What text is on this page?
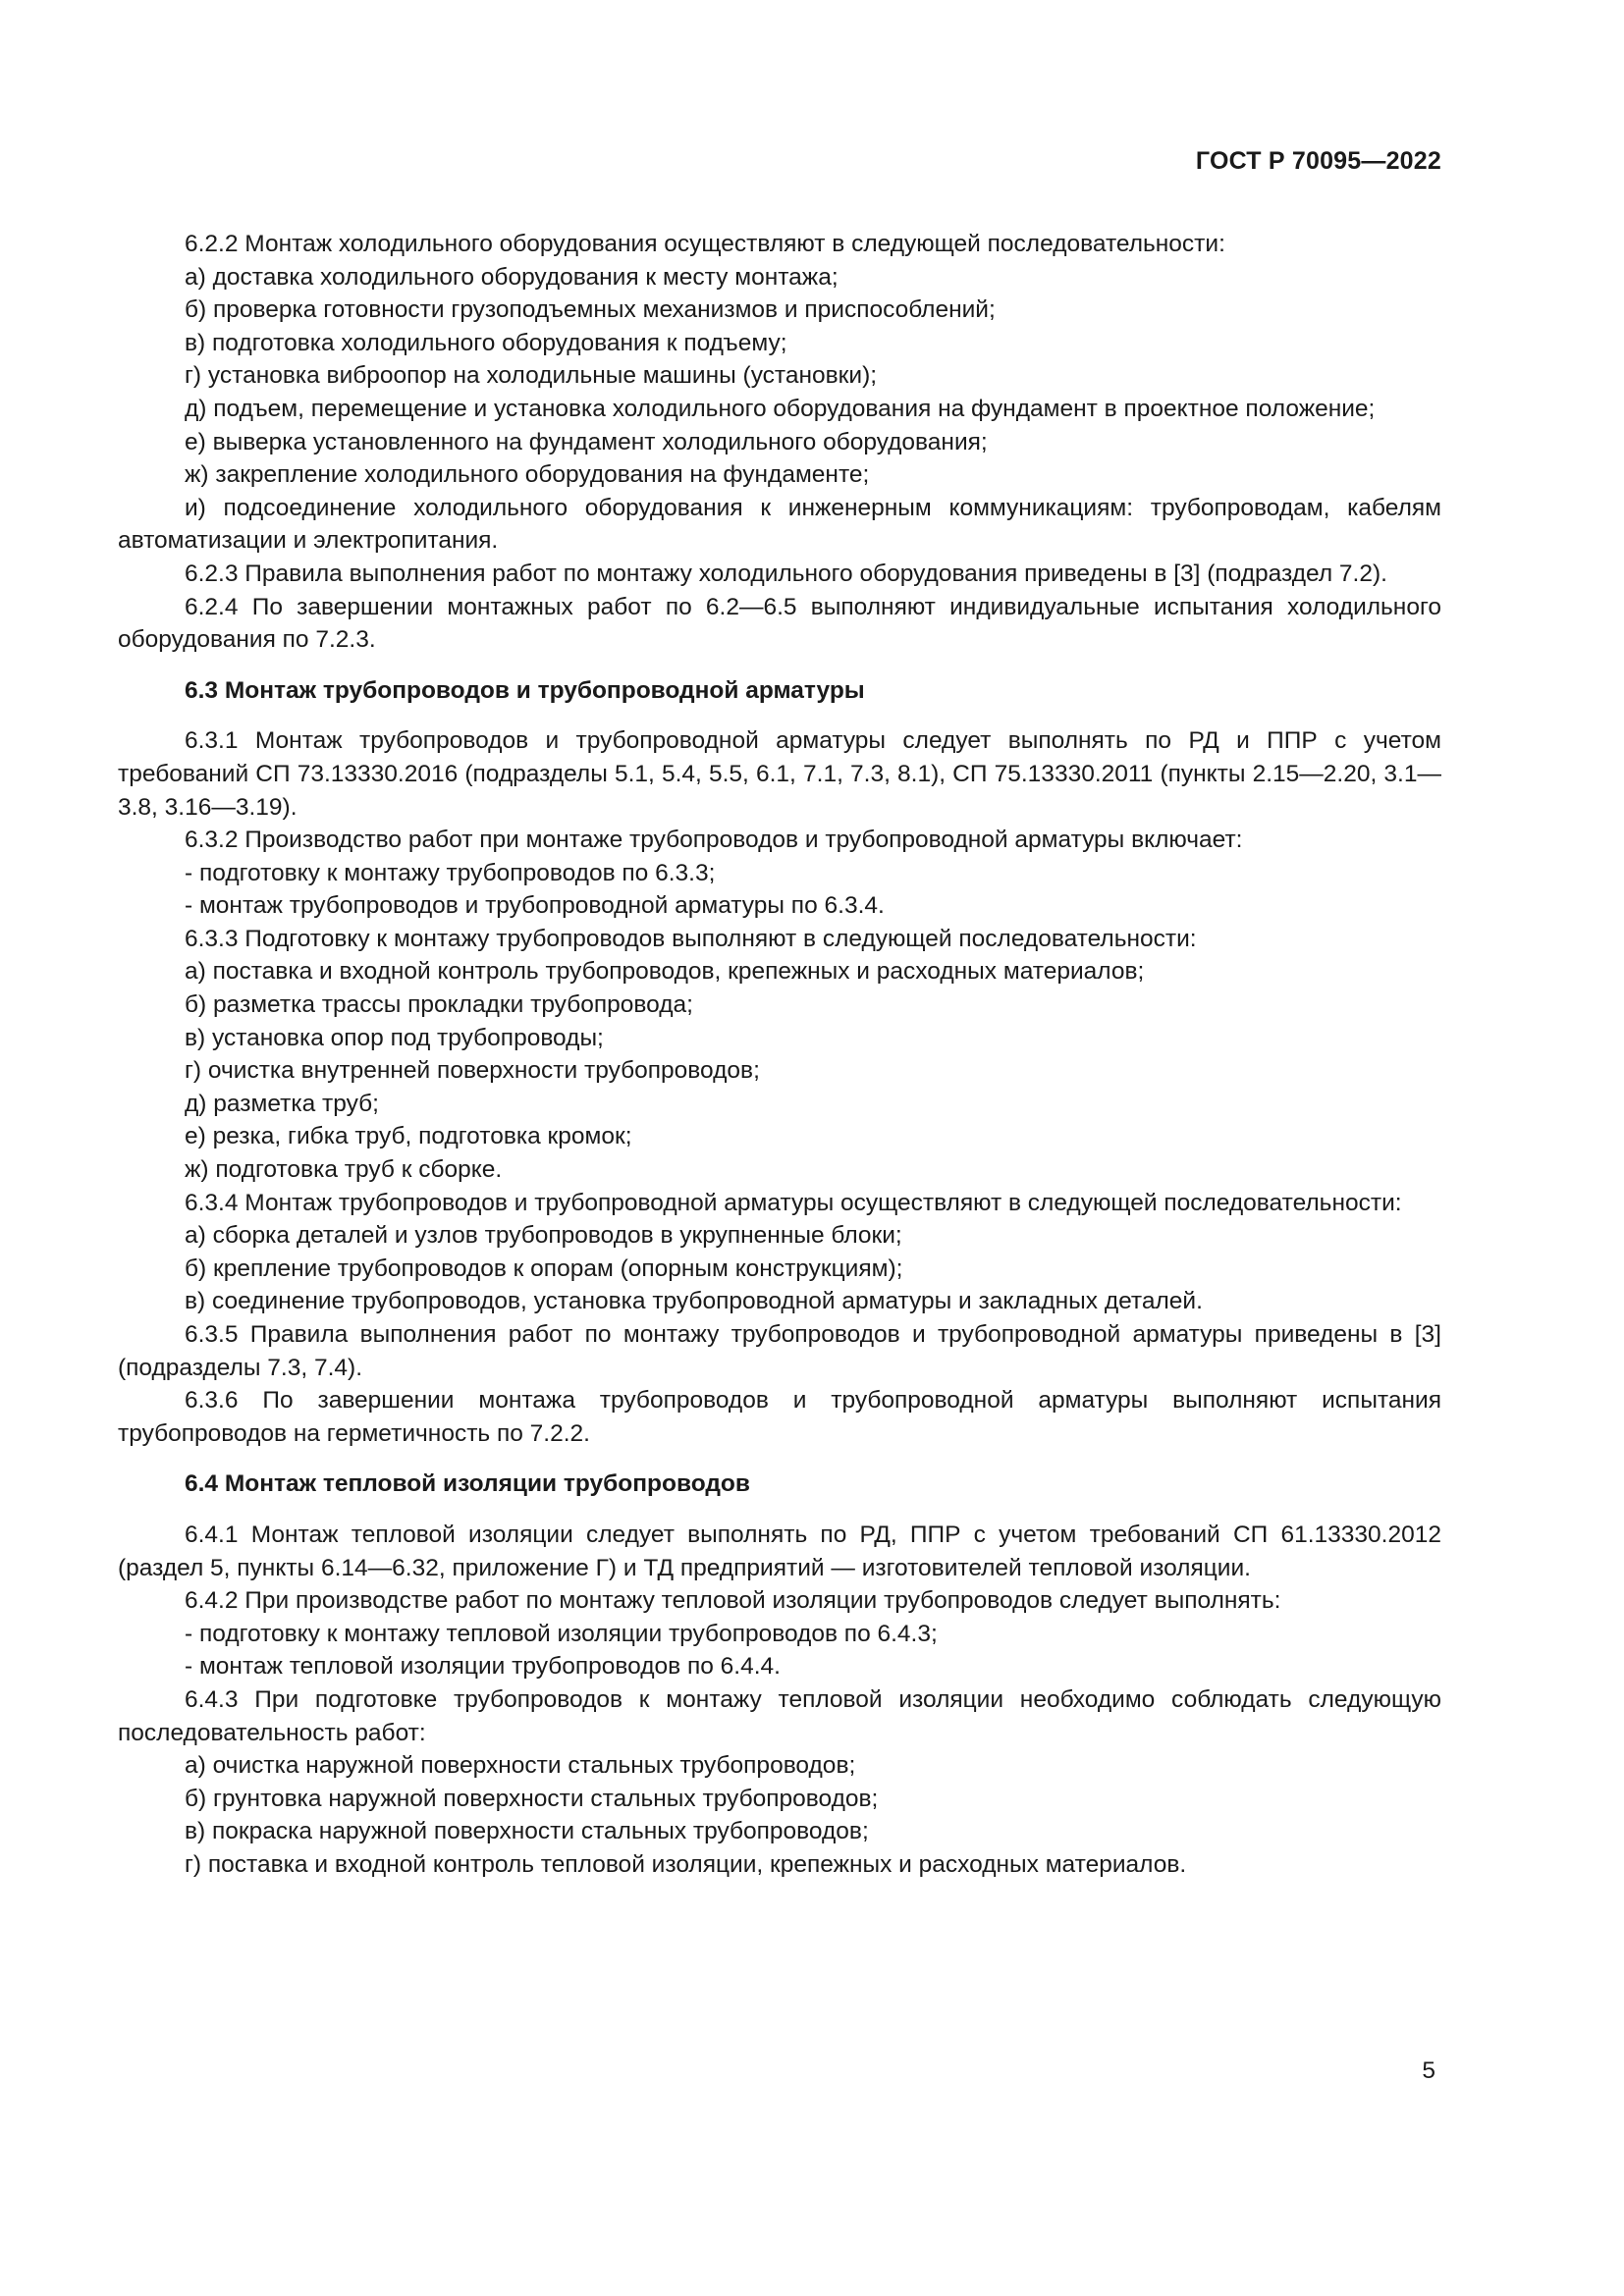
ГОСТ Р 70095—2022

6.2.2 Монтаж холодильного оборудования осуществляют в следующей последовательности:

а) доставка холодильного оборудования к месту монтажа;

б) проверка готовности грузоподъемных механизмов и приспособлений;

в) подготовка холодильного оборудования к подъему;

г) установка виброопор на холодильные машины (установки);

д) подъем, перемещение и установка холодильного оборудования на фундамент в проектное положение;

е) выверка установленного на фундамент холодильного оборудования;

ж) закрепление холодильного оборудования на фундаменте;

и) подсоединение холодильного оборудования к инженерным коммуникациям: трубопроводам, кабелям автоматизации и электропитания.

6.2.3 Правила выполнения работ по монтажу холодильного оборудования приведены в [3] (подраздел 7.2).

6.2.4 По завершении монтажных работ по 6.2—6.5 выполняют индивидуальные испытания холодильного оборудования по 7.2.3.

6.3 Монтаж трубопроводов и трубопроводной арматуры

6.3.1 Монтаж трубопроводов и трубопроводной арматуры следует выполнять по РД и ППР с учетом требований СП 73.13330.2016 (подразделы 5.1, 5.4, 5.5, 6.1, 7.1, 7.3, 8.1), СП 75.13330.2011 (пункты 2.15—2.20, 3.1—3.8, 3.16—3.19).

6.3.2 Производство работ при монтаже трубопроводов и трубопроводной арматуры включает:

- подготовку к монтажу трубопроводов по 6.3.3;

- монтаж трубопроводов и трубопроводной арматуры по 6.3.4.

6.3.3 Подготовку к монтажу трубопроводов выполняют в следующей последовательности:

а) поставка и входной контроль трубопроводов, крепежных и расходных материалов;

б) разметка трассы прокладки трубопровода;

в) установка опор под трубопроводы;

г) очистка внутренней поверхности трубопроводов;

д) разметка труб;

е) резка, гибка труб, подготовка кромок;

ж) подготовка труб к сборке.

6.3.4 Монтаж трубопроводов и трубопроводной арматуры осуществляют в следующей последовательности:

а) сборка деталей и узлов трубопроводов в укрупненные блоки;

б) крепление трубопроводов к опорам (опорным конструкциям);

в) соединение трубопроводов, установка трубопроводной арматуры и закладных деталей.

6.3.5 Правила выполнения работ по монтажу трубопроводов и трубопроводной арматуры приведены в [3] (подразделы 7.3, 7.4).

6.3.6 По завершении монтажа трубопроводов и трубопроводной арматуры выполняют испытания трубопроводов на герметичность по 7.2.2.

6.4 Монтаж тепловой изоляции трубопроводов

6.4.1 Монтаж тепловой изоляции следует выполнять по РД, ППР с учетом требований СП 61.13330.2012 (раздел 5, пункты 6.14—6.32, приложение Г) и ТД предприятий — изготовителей тепловой изоляции.

6.4.2 При производстве работ по монтажу тепловой изоляции трубопроводов следует выполнять:

- подготовку к монтажу тепловой изоляции трубопроводов по 6.4.3;

- монтаж тепловой изоляции трубопроводов по 6.4.4.

6.4.3 При подготовке трубопроводов к монтажу тепловой изоляции необходимо соблюдать следующую последовательность работ:

а) очистка наружной поверхности стальных трубопроводов;

б) грунтовка наружной поверхности стальных трубопроводов;

в) покраска наружной поверхности стальных трубопроводов;

г) поставка и входной контроль тепловой изоляции, крепежных и расходных материалов.

5
